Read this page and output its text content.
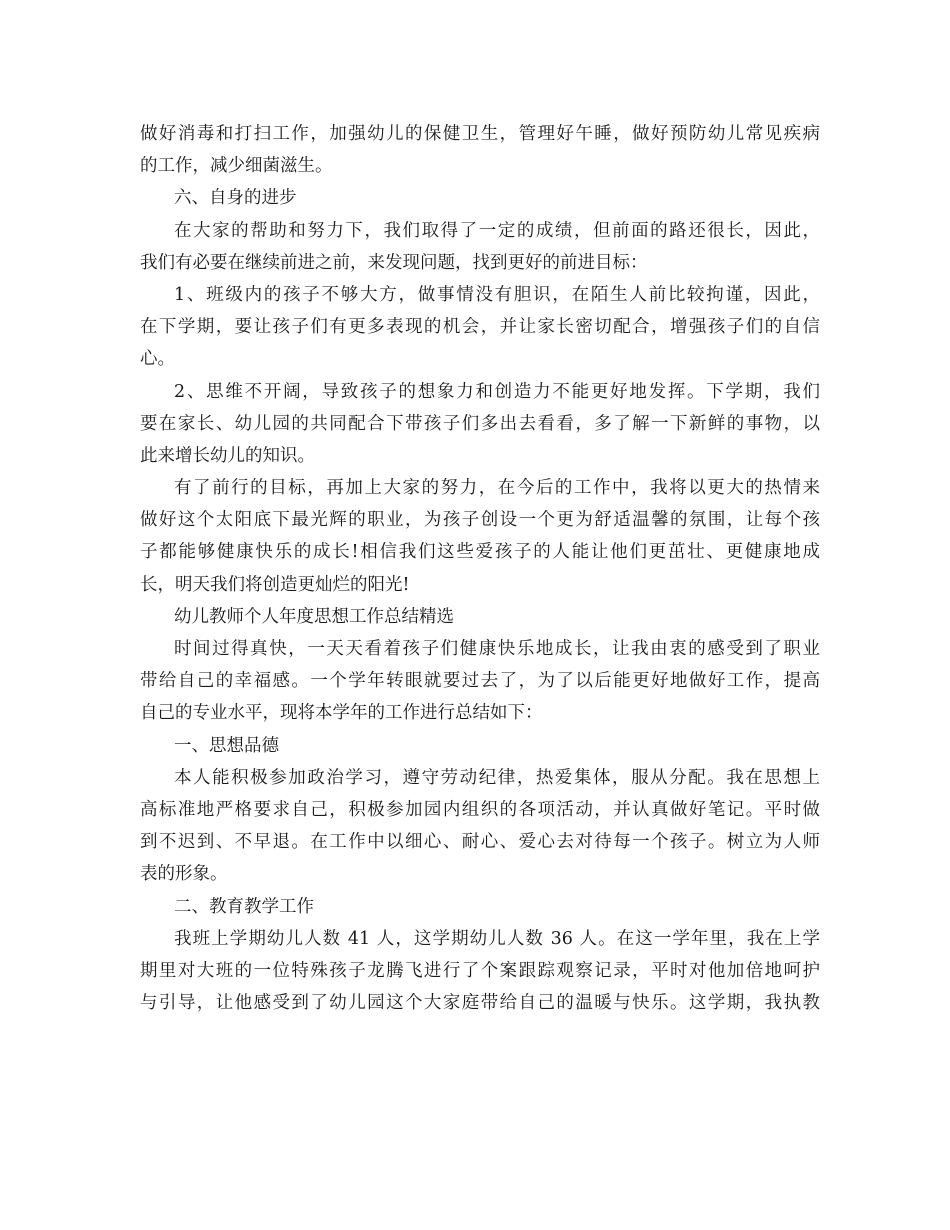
做好消毒和打扫工作，加强幼儿的保健卫生，管理好午睡，做好预防幼儿常见疾病
的工作，减少细菌滋生。
六、自身的进步
在大家的帮助和努力下，我们取得了一定的成绩，但前面的路还很长，因此，
我们有必要在继续前进之前，来发现问题，找到更好的前进目标：
1、班级内的孩子不够大方，做事情没有胆识，在陌生人前比较拘谨，因此，
在下学期，要让孩子们有更多表现的机会，并让家长密切配合，增强孩子们的自信
心。
2、思维不开阔，导致孩子的想象力和创造力不能更好地发挥。下学期，我们
要在家长、幼儿园的共同配合下带孩子们多出去看看，多了解一下新鲜的事物，以
此来增长幼儿的知识。
有了前行的目标，再加上大家的努力，在今后的工作中，我将以更大的热情来
做好这个太阳底下最光辉的职业，为孩子创设一个更为舒适温馨的氛围，让每个孩
子都能够健康快乐的成长!相信我们这些爱孩子的人能让他们更茁壮、更健康地成
长，明天我们将创造更灿烂的阳光!
幼儿教师个人年度思想工作总结精选
时间过得真快，一天天看着孩子们健康快乐地成长，让我由衷的感受到了职业
带给自己的幸福感。一个学年转眼就要过去了，为了以后能更好地做好工作，提高
自己的专业水平，现将本学年的工作进行总结如下：
一、思想品德
本人能积极参加政治学习，遵守劳动纪律，热爱集体，服从分配。我在思想上
高标准地严格要求自己，积极参加园内组织的各项活动，并认真做好笔记。平时做
到不迟到、不早退。在工作中以细心、耐心、爱心去对待每一个孩子。树立为人师
表的形象。
二、教育教学工作
我班上学期幼儿人数 41 人，这学期幼儿人数 36 人。在这一学年里，我在上学
期里对大班的一位特殊孩子龙腾飞进行了个案跟踪观察记录，平时对他加倍地呵护
与引导，让他感受到了幼儿园这个大家庭带给自己的温暖与快乐。这学期，我执教
